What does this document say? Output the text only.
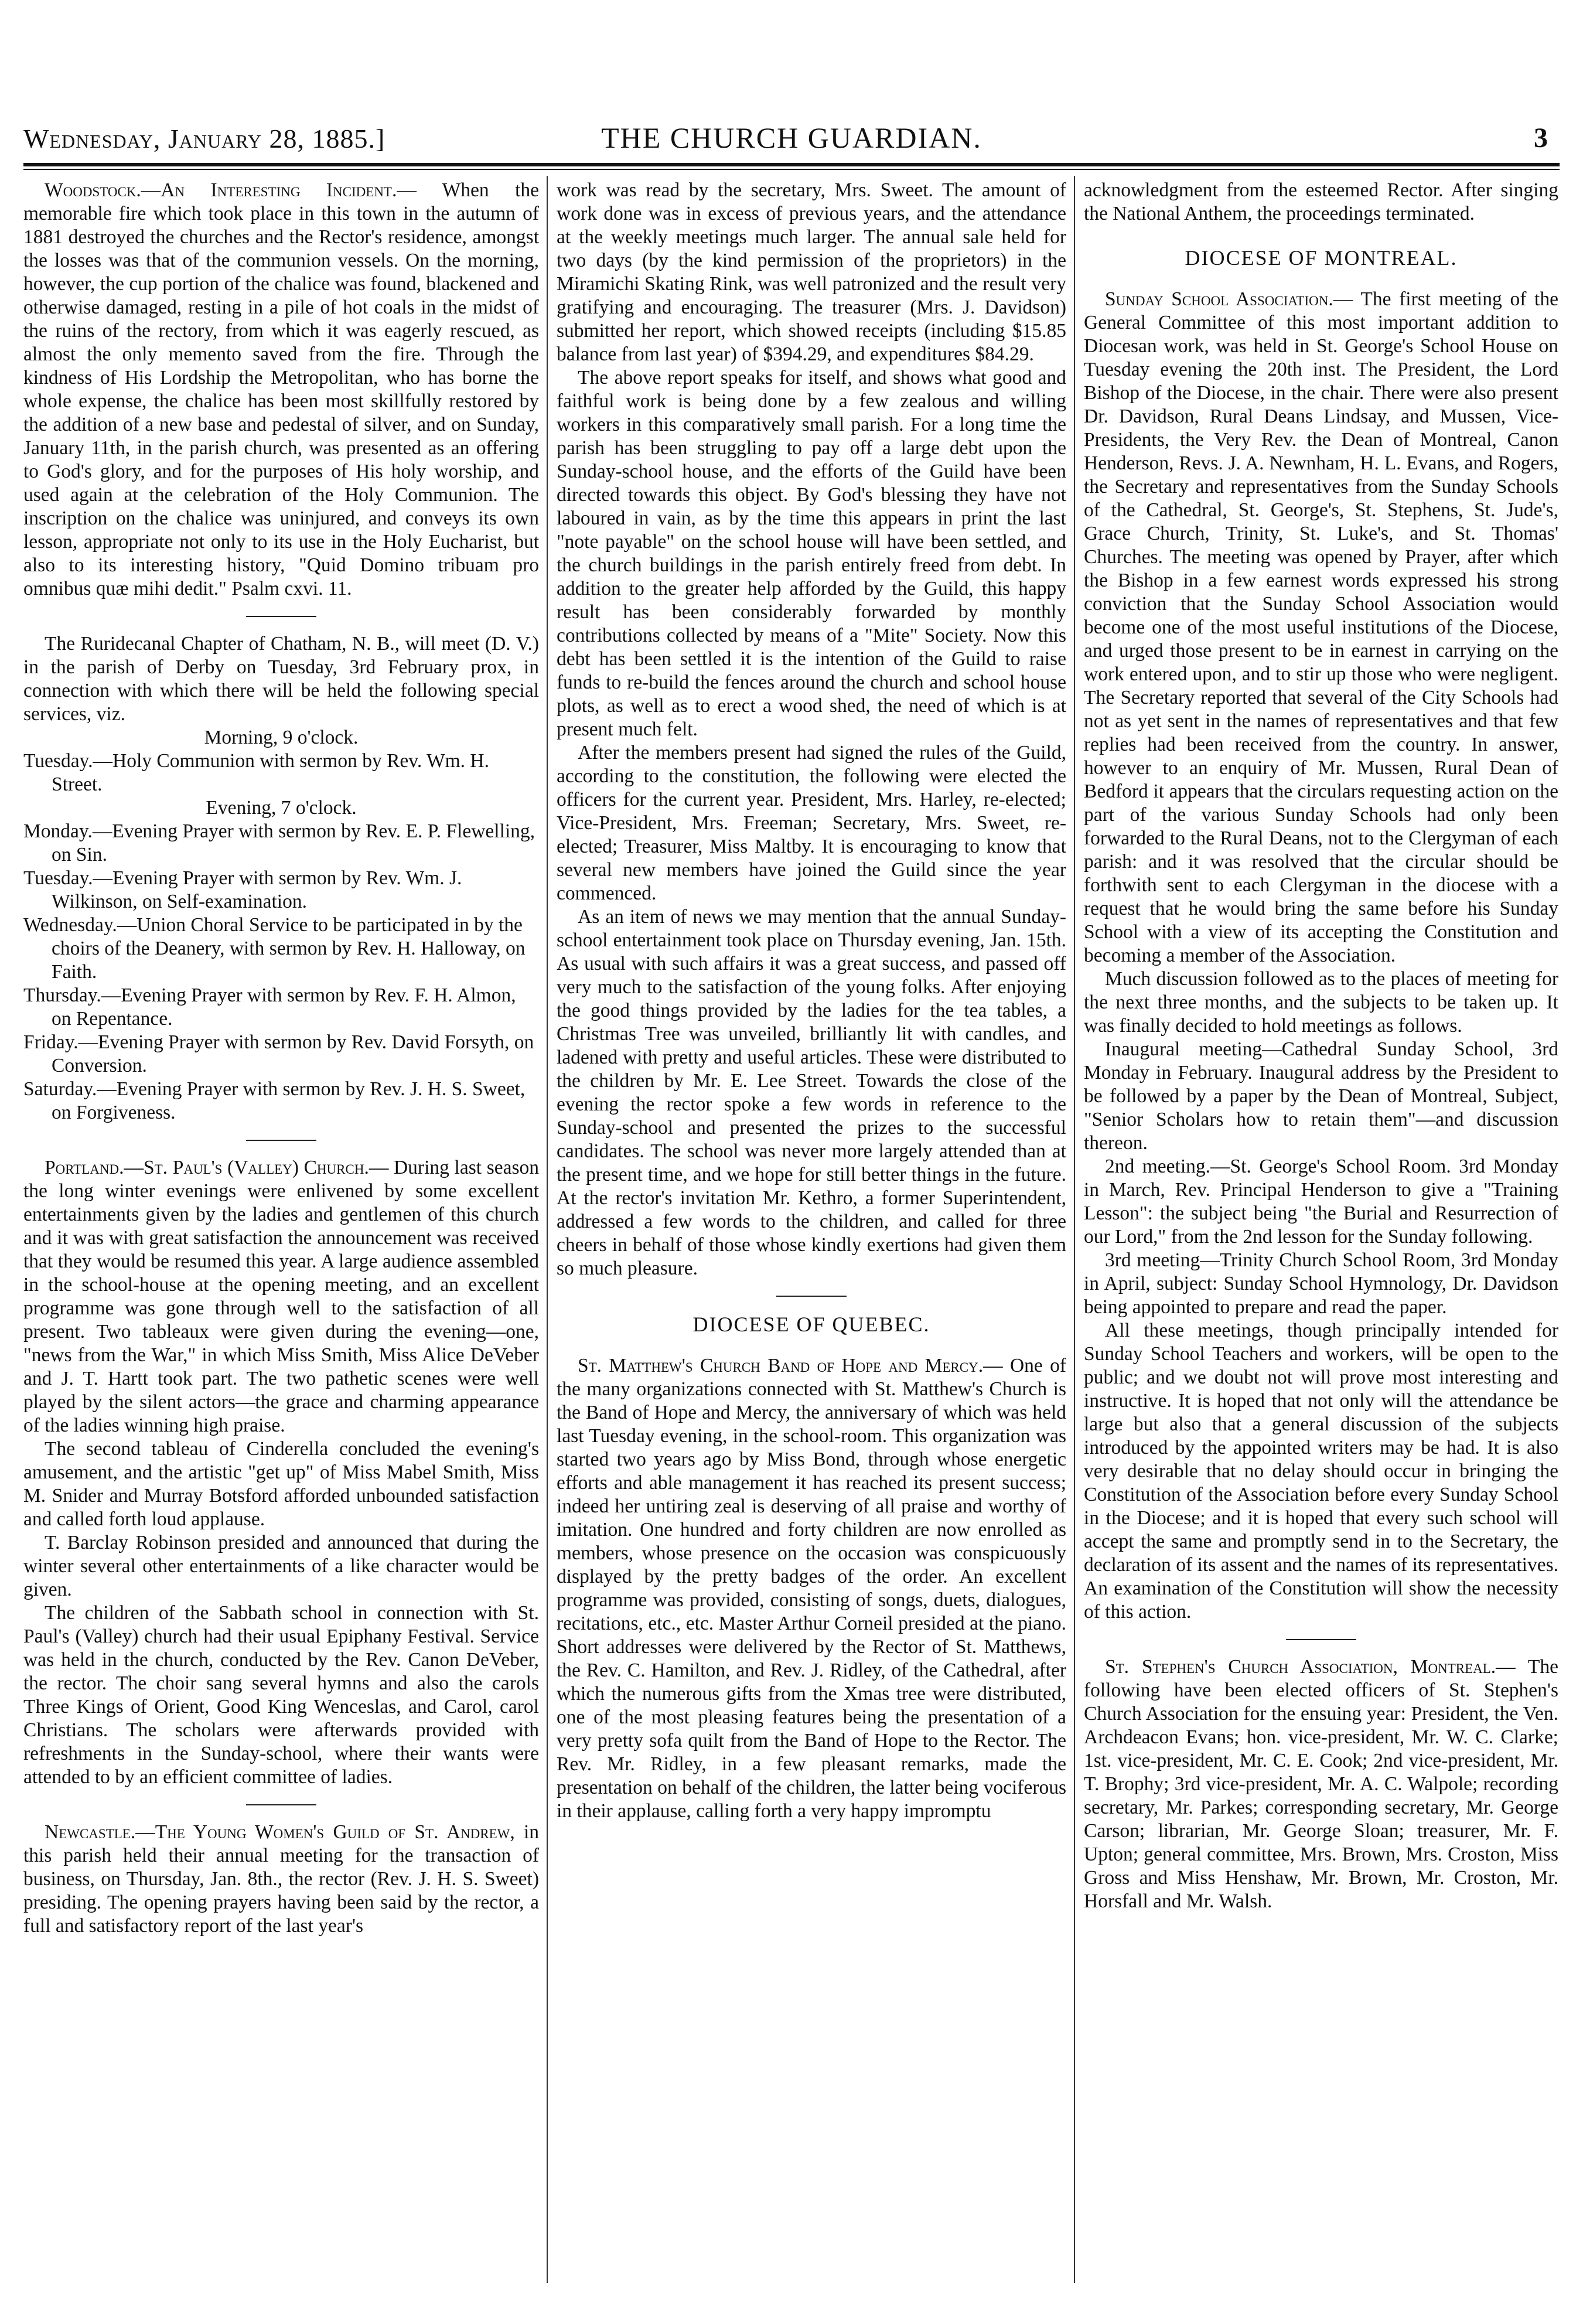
Wednesday, January 28, 1885.]	THE CHURCH GUARDIAN.	3

Woodstock.—An Interesting Incident.— When the memorable fire which took place in this town in the autumn of 1881 destroyed the churches and the Rector's residence, amongst the losses was that of the communion vessels. On the morning, however, the cup portion of the chalice was found, blackened and otherwise damaged, resting in a pile of hot coals in the midst of the ruins of the rectory, from which it was eagerly rescued, as almost the only memento saved from the fire. Through the kindness of His Lordship the Metropolitan, who has borne the whole expense, the chalice has been most skillfully restored by the addition of a new base and pedestal of silver, and on Sunday, January 11th, in the parish church, was presented as an offering to God's glory, and for the purposes of His holy worship, and used again at the celebration of the Holy Communion. The inscription on the chalice was uninjured, and conveys its own lesson, appropriate not only to its use in the Holy Eucharist, but also to its interesting history, "Quid Domino tribuam pro omnibus quæ mihi dedit." Psalm cxvi. 11.

The Ruridecanal Chapter of Chatham, N. B., will meet (D. V.) in the parish of Derby on Tuesday, 3rd February prox, in connection with which there will be held the following special services, viz.

Morning, 9 o'clock.

Tuesday.—Holy Communion with sermon by Rev. Wm. H. Street.

Evening, 7 o'clock.

Monday.—Evening Prayer with sermon by Rev. E. P. Flewelling, on Sin.

Tuesday.—Evening Prayer with sermon by Rev. Wm. J. Wilkinson, on Self-examination.

Wednesday.—Union Choral Service to be participated in by the choirs of the Deanery, with sermon by Rev. H. Halloway, on Faith.

Thursday.—Evening Prayer with sermon by Rev. F. H. Almon, on Repentance.

Friday.—Evening Prayer with sermon by Rev. David Forsyth, on Conversion.

Saturday.—Evening Prayer with sermon by Rev. J. H. S. Sweet, on Forgiveness.

Portland.—St. Paul's (Valley) Church.— During last season the long winter evenings were enlivened by some excellent entertainments given by the ladies and gentlemen of this church and it was with great satisfaction the announcement was received that they would be resumed this year. A large audience assembled in the school-house at the opening meeting, and an excellent programme was gone through well to the satisfaction of all present. Two tableaux were given during the evening—one, "news from the War," in which Miss Smith, Miss Alice DeVeber and J. T. Hartt took part. The two pathetic scenes were well played by the silent actors—the grace and charming appearance of the ladies winning high praise.

The second tableau of Cinderella concluded the evening's amusement, and the artistic "get up" of Miss Mabel Smith, Miss M. Snider and Murray Botsford afforded unbounded satisfaction and called forth loud applause.

T. Barclay Robinson presided and announced that during the winter several other entertainments of a like character would be given.

The children of the Sabbath school in connection with St. Paul's (Valley) church had their usual Epiphany Festival. Service was held in the church, conducted by the Rev. Canon DeVeber, the rector. The choir sang several hymns and also the carols Three Kings of Orient, Good King Wenceslas, and Carol, carol Christians. The scholars were afterwards provided with refreshments in the Sunday-school, where their wants were attended to by an efficient committee of ladies.

Newcastle.—The Young Women's Guild of St. Andrew, in this parish held their annual meeting for the transaction of business, on Thursday, Jan. 8th., the rector (Rev. J. H. S. Sweet) presiding. The opening prayers having been said by the rector, a full and satisfactory report of the last year's

work was read by the secretary, Mrs. Sweet. The amount of work done was in excess of previous years, and the attendance at the weekly meetings much larger. The annual sale held for two days (by the kind permission of the proprietors) in the Miramichi Skating Rink, was well patronized and the result very gratifying and encouraging. The treasurer (Mrs. J. Davidson) submitted her report, which showed receipts (including $15.85 balance from last year) of $394.29, and expenditures $84.29.

The above report speaks for itself, and shows what good and faithful work is being done by a few zealous and willing workers in this comparatively small parish. For a long time the parish has been struggling to pay off a large debt upon the Sunday-school house, and the efforts of the Guild have been directed towards this object. By God's blessing they have not laboured in vain, as by the time this appears in print the last "note payable" on the school house will have been settled, and the church buildings in the parish entirely freed from debt. In addition to the greater help afforded by the Guild, this happy result has been considerably forwarded by monthly contributions collected by means of a "Mite" Society. Now this debt has been settled it is the intention of the Guild to raise funds to re-build the fences around the church and school house plots, as well as to erect a wood shed, the need of which is at present much felt.

After the members present had signed the rules of the Guild, according to the constitution, the following were elected the officers for the current year. President, Mrs. Harley, re-elected; Vice-President, Mrs. Freeman; Secretary, Mrs. Sweet, re-elected; Treasurer, Miss Maltby. It is encouraging to know that several new members have joined the Guild since the year commenced.

As an item of news we may mention that the annual Sunday-school entertainment took place on Thursday evening, Jan. 15th. As usual with such affairs it was a great success, and passed off very much to the satisfaction of the young folks. After enjoying the good things provided by the ladies for the tea tables, a Christmas Tree was unveiled, brilliantly lit with candles, and ladened with pretty and useful articles. These were distributed to the children by Mr. E. Lee Street. Towards the close of the evening the rector spoke a few words in reference to the Sunday-school and presented the prizes to the successful candidates. The school was never more largely attended than at the present time, and we hope for still better things in the future. At the rector's invitation Mr. Kethro, a former Superintendent, addressed a few words to the children, and called for three cheers in behalf of those whose kindly exertions had given them so much pleasure.

DIOCESE OF QUEBEC.

St. Matthew's Church Band of Hope and Mercy.— One of the many organizations connected with St. Matthew's Church is the Band of Hope and Mercy, the anniversary of which was held last Tuesday evening, in the school-room. This organization was started two years ago by Miss Bond, through whose energetic efforts and able management it has reached its present success; indeed her untiring zeal is deserving of all praise and worthy of imitation. One hundred and forty children are now enrolled as members, whose presence on the occasion was conspicuously displayed by the pretty badges of the order. An excellent programme was provided, consisting of songs, duets, dialogues, recitations, etc., etc. Master Arthur Corneil presided at the piano. Short addresses were delivered by the Rector of St. Matthews, the Rev. C. Hamilton, and Rev. J. Ridley, of the Cathedral, after which the numerous gifts from the Xmas tree were distributed, one of the most pleasing features being the presentation of a very pretty sofa quilt from the Band of Hope to the Rector. The Rev. Mr. Ridley, in a few pleasant remarks, made the presentation on behalf of the children, the latter being vociferous in their applause, calling forth a very happy impromptu

acknowledgment from the esteemed Rector. After singing the National Anthem, the proceedings terminated.

DIOCESE OF MONTREAL.

Sunday School Association.— The first meeting of the General Committee of this most important addition to Diocesan work, was held in St. George's School House on Tuesday evening the 20th inst. The President, the Lord Bishop of the Diocese, in the chair. There were also present Dr. Davidson, Rural Deans Lindsay, and Mussen, Vice-Presidents, the Very Rev. the Dean of Montreal, Canon Henderson, Revs. J. A. Newnham, H. L. Evans, and Rogers, the Secretary and representatives from the Sunday Schools of the Cathedral, St. George's, St. Stephens, St. Jude's, Grace Church, Trinity, St. Luke's, and St. Thomas' Churches. The meeting was opened by Prayer, after which the Bishop in a few earnest words expressed his strong conviction that the Sunday School Association would become one of the most useful institutions of the Diocese, and urged those present to be in earnest in carrying on the work entered upon, and to stir up those who were negligent. The Secretary reported that several of the City Schools had not as yet sent in the names of representatives and that few replies had been received from the country. In answer, however to an enquiry of Mr. Mussen, Rural Dean of Bedford it appears that the circulars requesting action on the part of the various Sunday Schools had only been forwarded to the Rural Deans, not to the Clergyman of each parish: and it was resolved that the circular should be forthwith sent to each Clergyman in the diocese with a request that he would bring the same before his Sunday School with a view of its accepting the Constitution and becoming a member of the Association.

Much discussion followed as to the places of meeting for the next three months, and the subjects to be taken up. It was finally decided to hold meetings as follows.

Inaugural meeting—Cathedral Sunday School, 3rd Monday in February. Inaugural address by the President to be followed by a paper by the Dean of Montreal, Subject, "Senior Scholars how to retain them"—and discussion thereon.

2nd meeting.—St. George's School Room. 3rd Monday in March, Rev. Principal Henderson to give a "Training Lesson": the subject being "the Burial and Resurrection of our Lord," from the 2nd lesson for the Sunday following.

3rd meeting—Trinity Church School Room, 3rd Monday in April, subject: Sunday School Hymnology, Dr. Davidson being appointed to prepare and read the paper.

All these meetings, though principally intended for Sunday School Teachers and workers, will be open to the public; and we doubt not will prove most interesting and instructive. It is hoped that not only will the attendance be large but also that a general discussion of the subjects introduced by the appointed writers may be had. It is also very desirable that no delay should occur in bringing the Constitution of the Association before every Sunday School in the Diocese; and it is hoped that every such school will accept the same and promptly send in to the Secretary, the declaration of its assent and the names of its representatives. An examination of the Constitution will show the necessity of this action.

St. Stephen's Church Association, Montreal.— The following have been elected officers of St. Stephen's Church Association for the ensuing year: President, the Ven. Archdeacon Evans; hon. vice-president, Mr. W. C. Clarke; 1st. vice-president, Mr. C. E. Cook; 2nd vice-president, Mr. T. Brophy; 3rd vice-president, Mr. A. C. Walpole; recording secretary, Mr. Parkes; corresponding secretary, Mr. George Carson; librarian, Mr. George Sloan; treasurer, Mr. F. Upton; general committee, Mrs. Brown, Mrs. Croston, Miss Gross and Miss Henshaw, Mr. Brown, Mr. Croston, Mr. Horsfall and Mr. Walsh.
